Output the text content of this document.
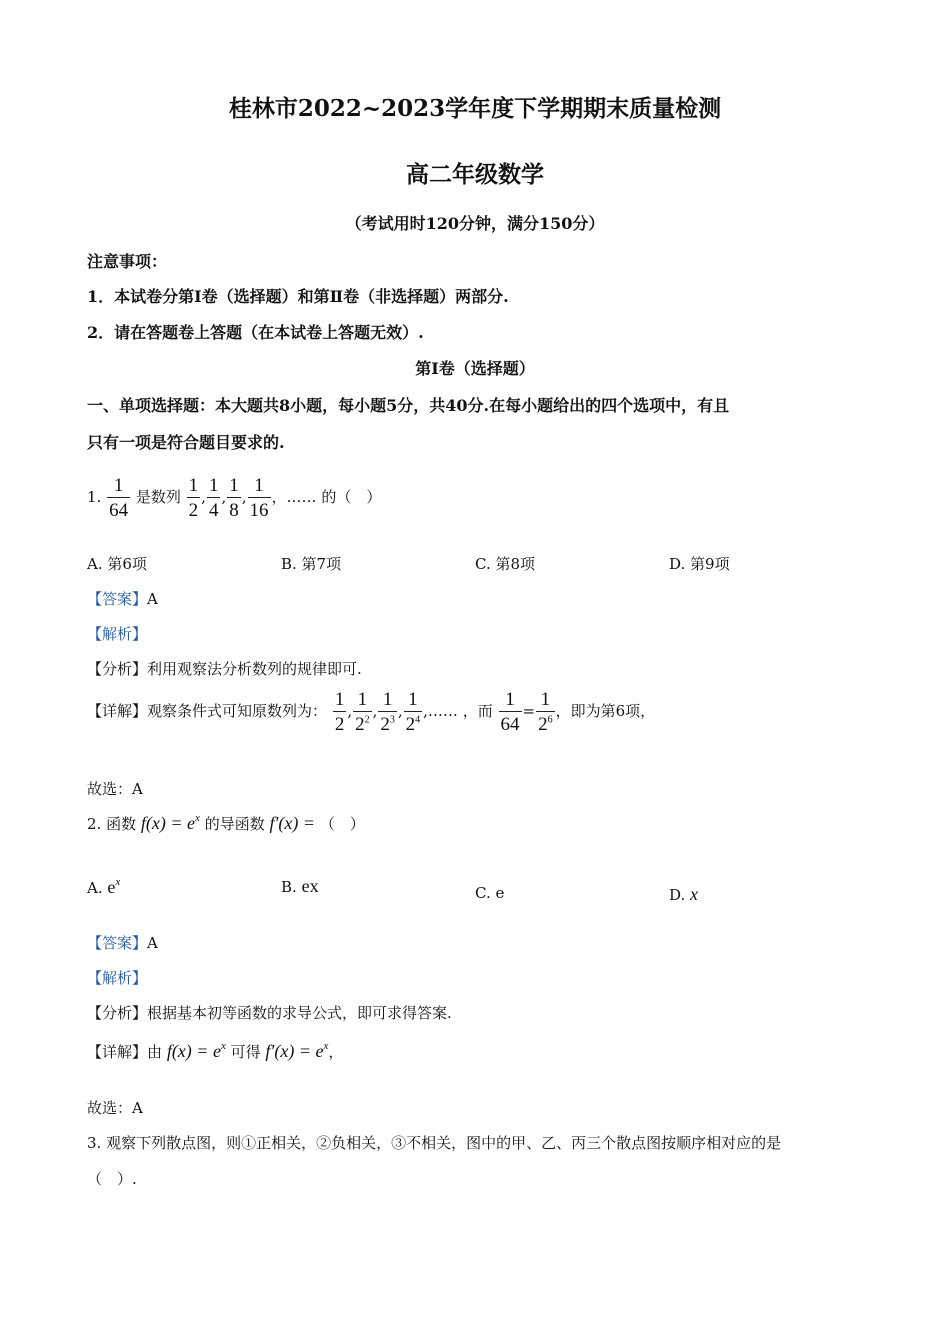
桂林市2022~2023学年度下学期期末质量检测
高二年级数学
（考试用时120分钟，满分150分）
注意事项：
1．本试卷分第Ⅰ卷（选择题）和第Ⅱ卷（非选择题）两部分.
2．请在答题卷上答题（在本试卷上答题无效）.
第Ⅰ卷（选择题）
一、单项选择题：本大题共8小题，每小题5分，共40分.在每小题给出的四个选项中，有且
只有一项是符合题目要求的.
1. $\frac{1}{64}$ 是数列 $\frac{1}{2}$ , $\frac{1}{4}$ , $\frac{1}{8}$ , $\frac{1}{16}$ ，…… 的（　）
A. 第6项	B. 第7项	C. 第8项	D. 第9项
【答案】A
【解析】
【分析】利用观察法分析数列的规律即可.
【详解】观察条件式可知原数列为： $\frac{1}{2}$ , $\frac{1}{2^2}$ , $\frac{1}{2^3}$ , $\frac{1}{2^4}$ ,…… ，而 $\frac{1}{64} = \frac{1}{2^6}$ ，即为第6项，
故选：A
2. 函数 $f(x) = e^x$ 的导函数 f′(x) = （　）
A. $e^x$	B. ex	C. e	D. x
【答案】A
【解析】
【分析】根据基本初等函数的求导公式，即可求得答案.
【详解】由 $f(x) = e^x$ 可得 $f'(x) = e^x$，
故选：A
3. 观察下列散点图，则①正相关，②负相关，③不相关，图中的甲、乙、丙三个散点图按顺序相对应的是
（　）.
